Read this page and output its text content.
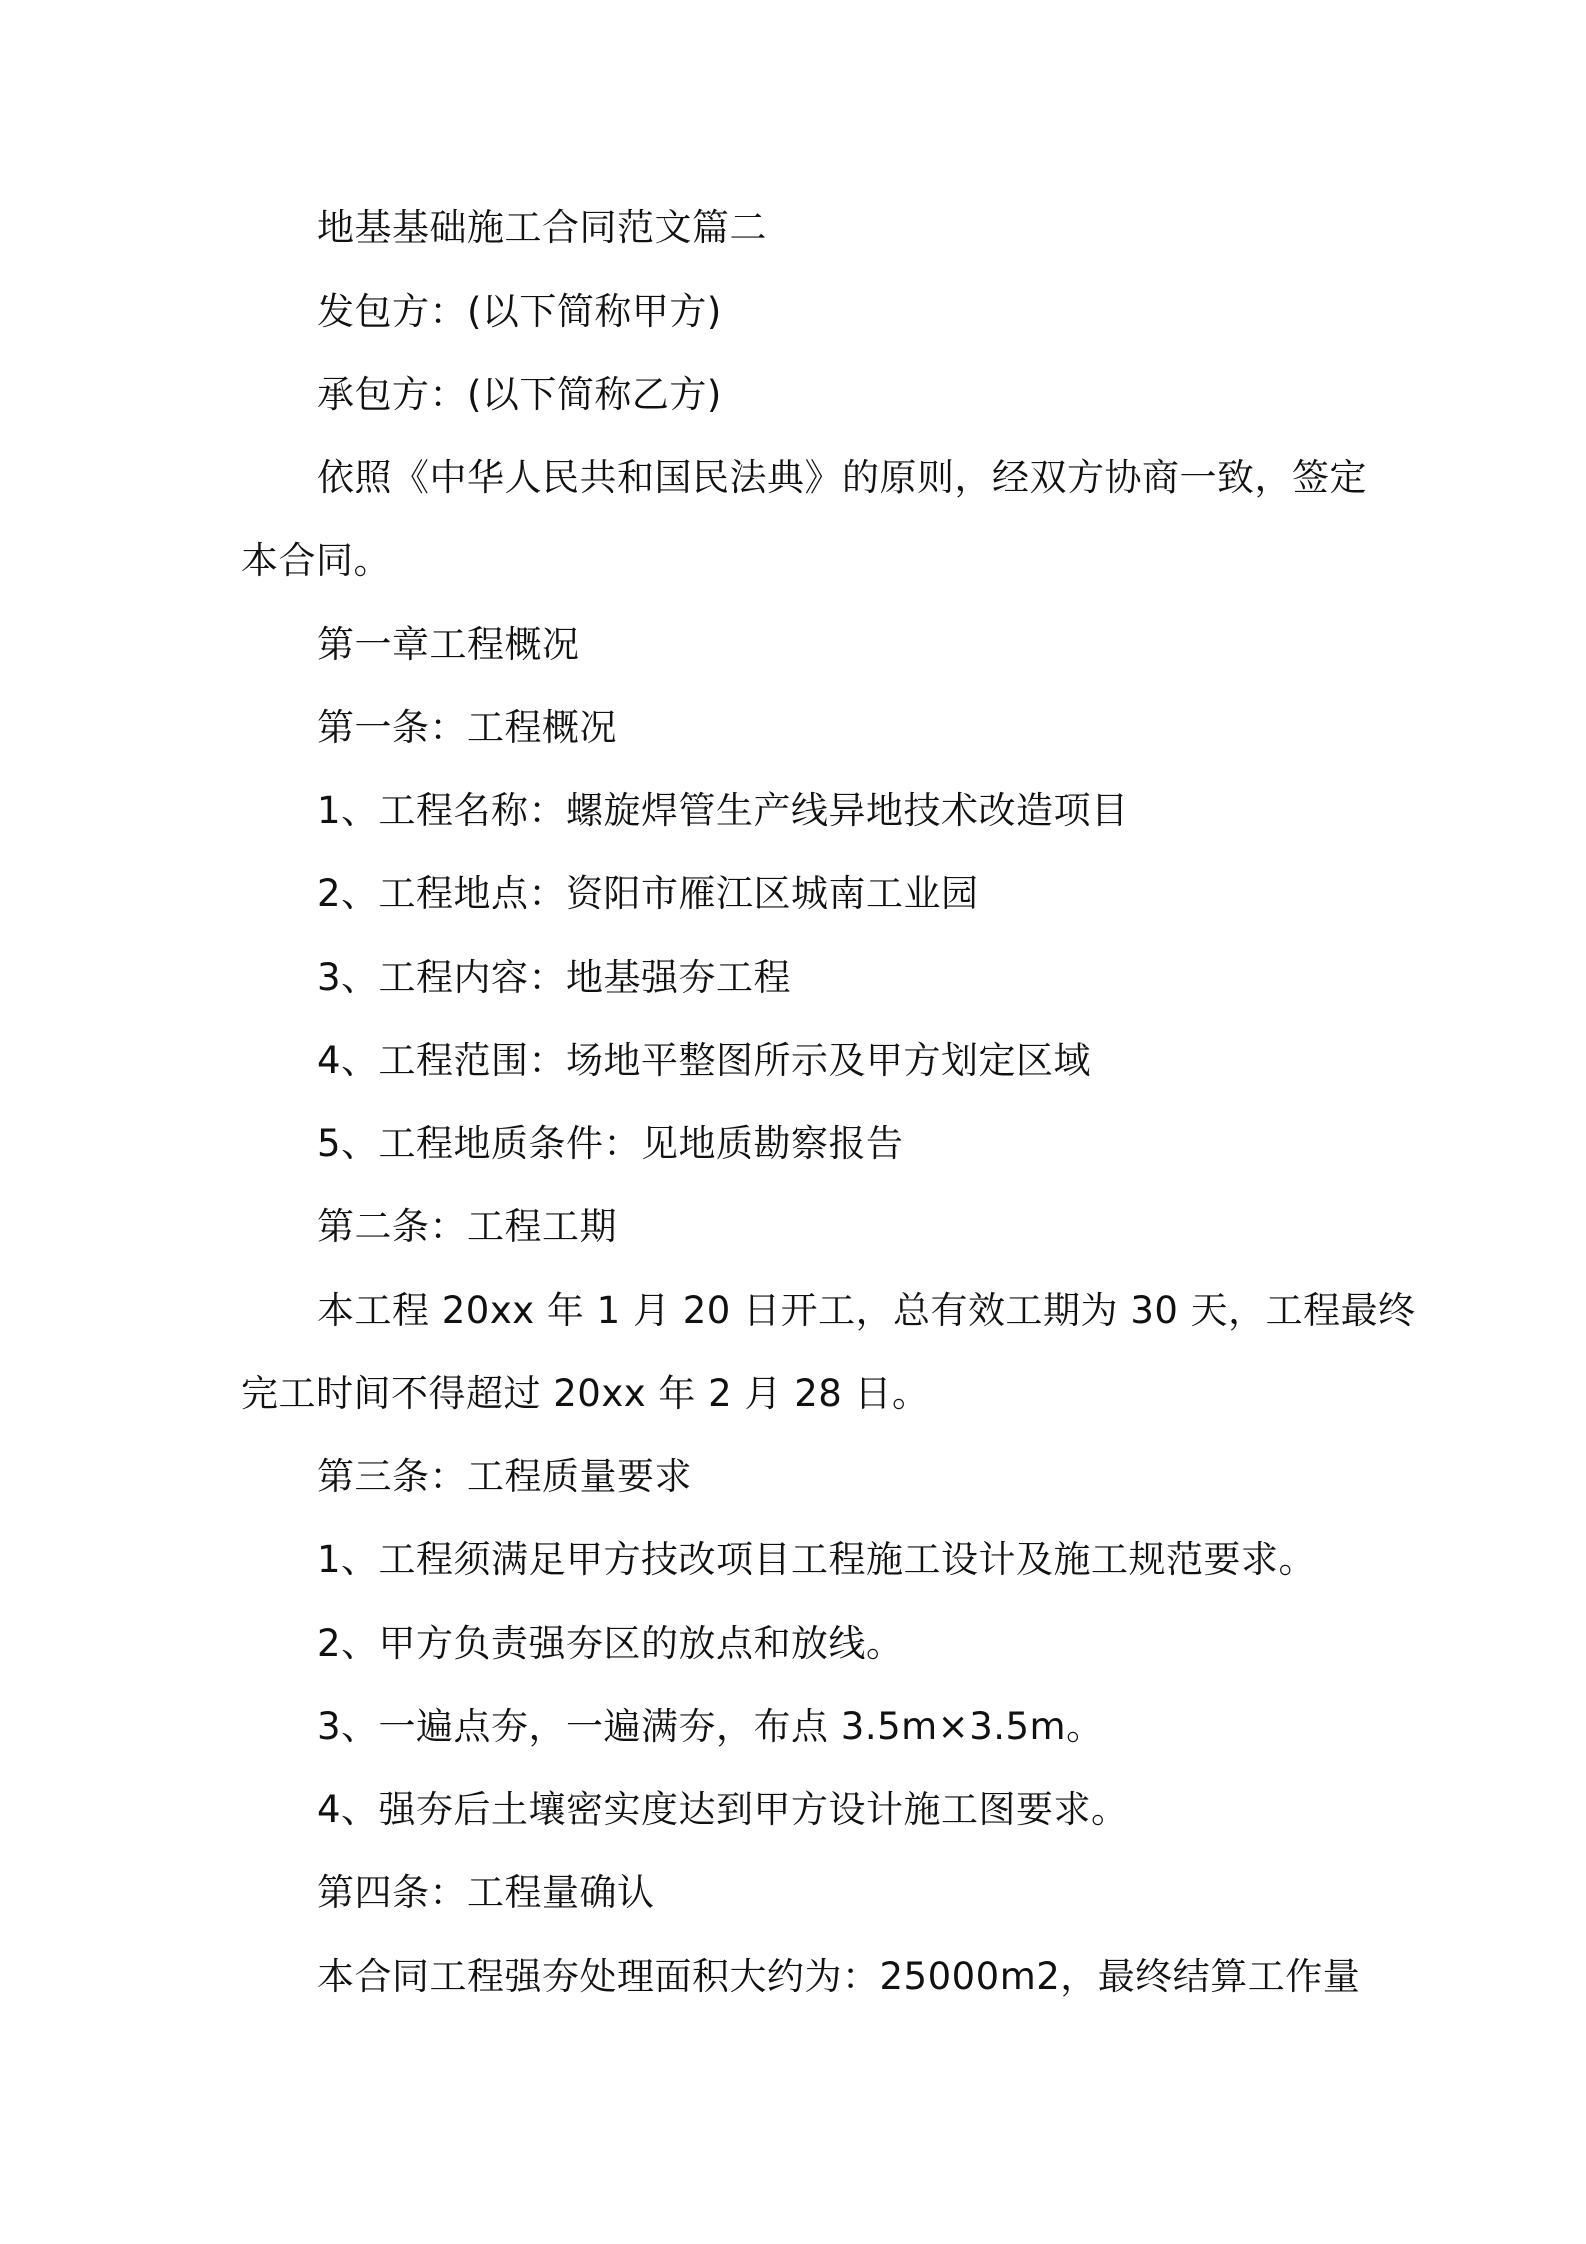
地基基础施工合同范文篇二
发包方：(以下简称甲方)
承包方：(以下简称乙方)
依照《中华人民共和国民法典》的原则，经双方协商一致，签定
本合同。
第一章工程概况
第一条：工程概况
1、工程名称：螺旋焊管生产线异地技术改造项目
2、工程地点：资阳市雁江区城南工业园
3、工程内容：地基强夯工程
4、工程范围：场地平整图所示及甲方划定区域
5、工程地质条件：见地质勘察报告
第二条：工程工期
本工程 20xx 年 1 月 20 日开工，总有效工期为 30 天，工程最终
完工时间不得超过 20xx 年 2 月 28 日。
第三条：工程质量要求
1、工程须满足甲方技改项目工程施工设计及施工规范要求。
2、甲方负责强夯区的放点和放线。
3、一遍点夯，一遍满夯，布点 3.5m×3.5m。
4、强夯后土壤密实度达到甲方设计施工图要求。
第四条：工程量确认
本合同工程强夯处理面积大约为：25000m2，最终结算工作量
